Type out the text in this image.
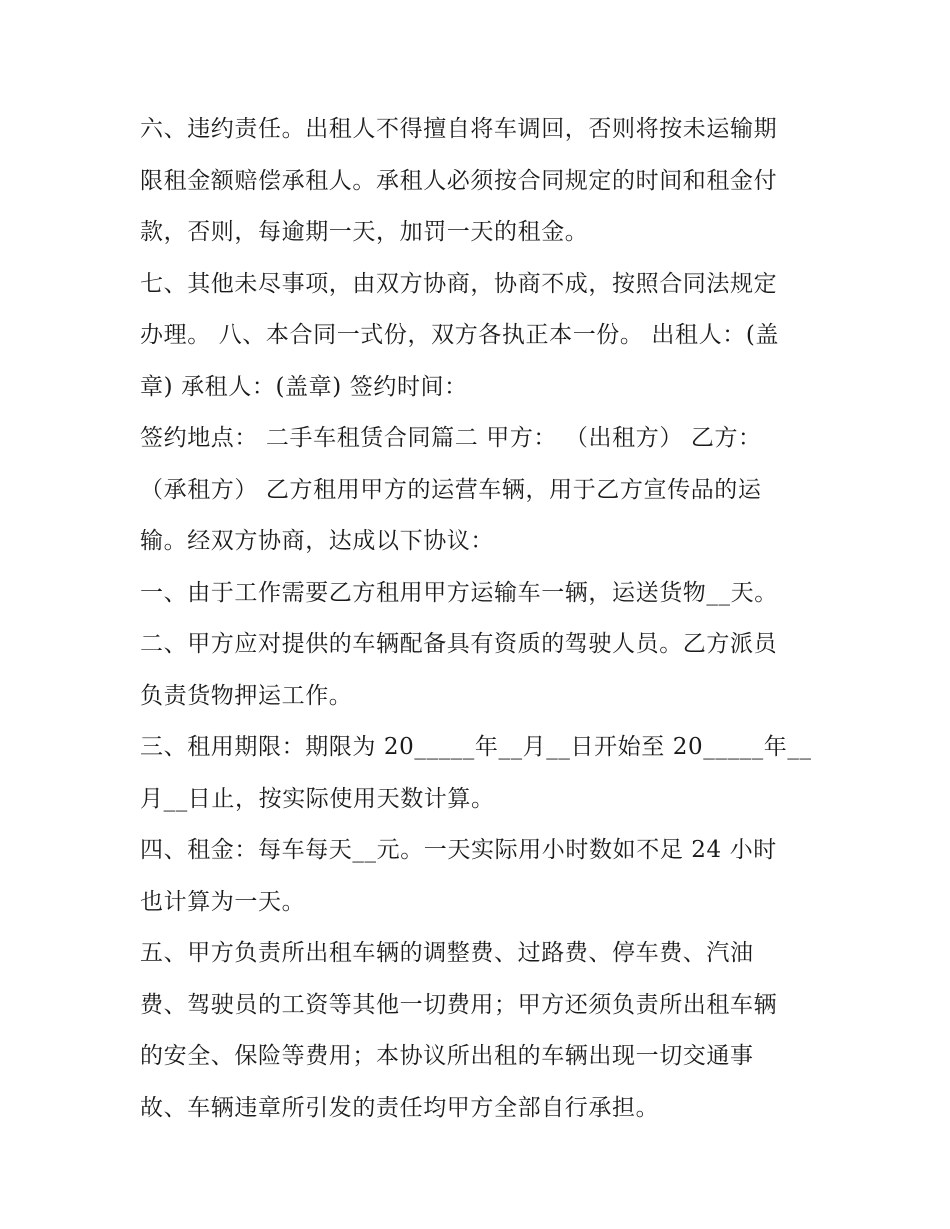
六、违约责任。出租人不得擅自将车调回，否则将按未运输期
限租金额赔偿承租人。承租人必须按合同规定的时间和租金付
款，否则，每逾期一天，加罚一天的租金。
七、其他未尽事项，由双方协商，协商不成，按照合同法规定
办理。 八、本合同一式份，双方各执正本一份。 出租人：(盖
章) 承租人：(盖章) 签约时间：
签约地点： 二手车租赁合同篇二 甲方： （出租方） 乙方：
（承租方） 乙方租用甲方的运营车辆，用于乙方宣传品的运
输。经双方协商，达成以下协议：
一、由于工作需要乙方租用甲方运输车一辆，运送货物__天。
二、甲方应对提供的车辆配备具有资质的驾驶人员。乙方派员
负责货物押运工作。
三、租用期限：期限为 20_____年__月__日开始至 20_____年__
月__日止，按实际使用天数计算。
四、租金：每车每天__元。一天实际用小时数如不足 24 小时
也计算为一天。
五、甲方负责所出租车辆的调整费、过路费、停车费、汽油
费、驾驶员的工资等其他一切费用；甲方还须负责所出租车辆
的安全、保险等费用；本协议所出租的车辆出现一切交通事
故、车辆违章所引发的责任均甲方全部自行承担。
